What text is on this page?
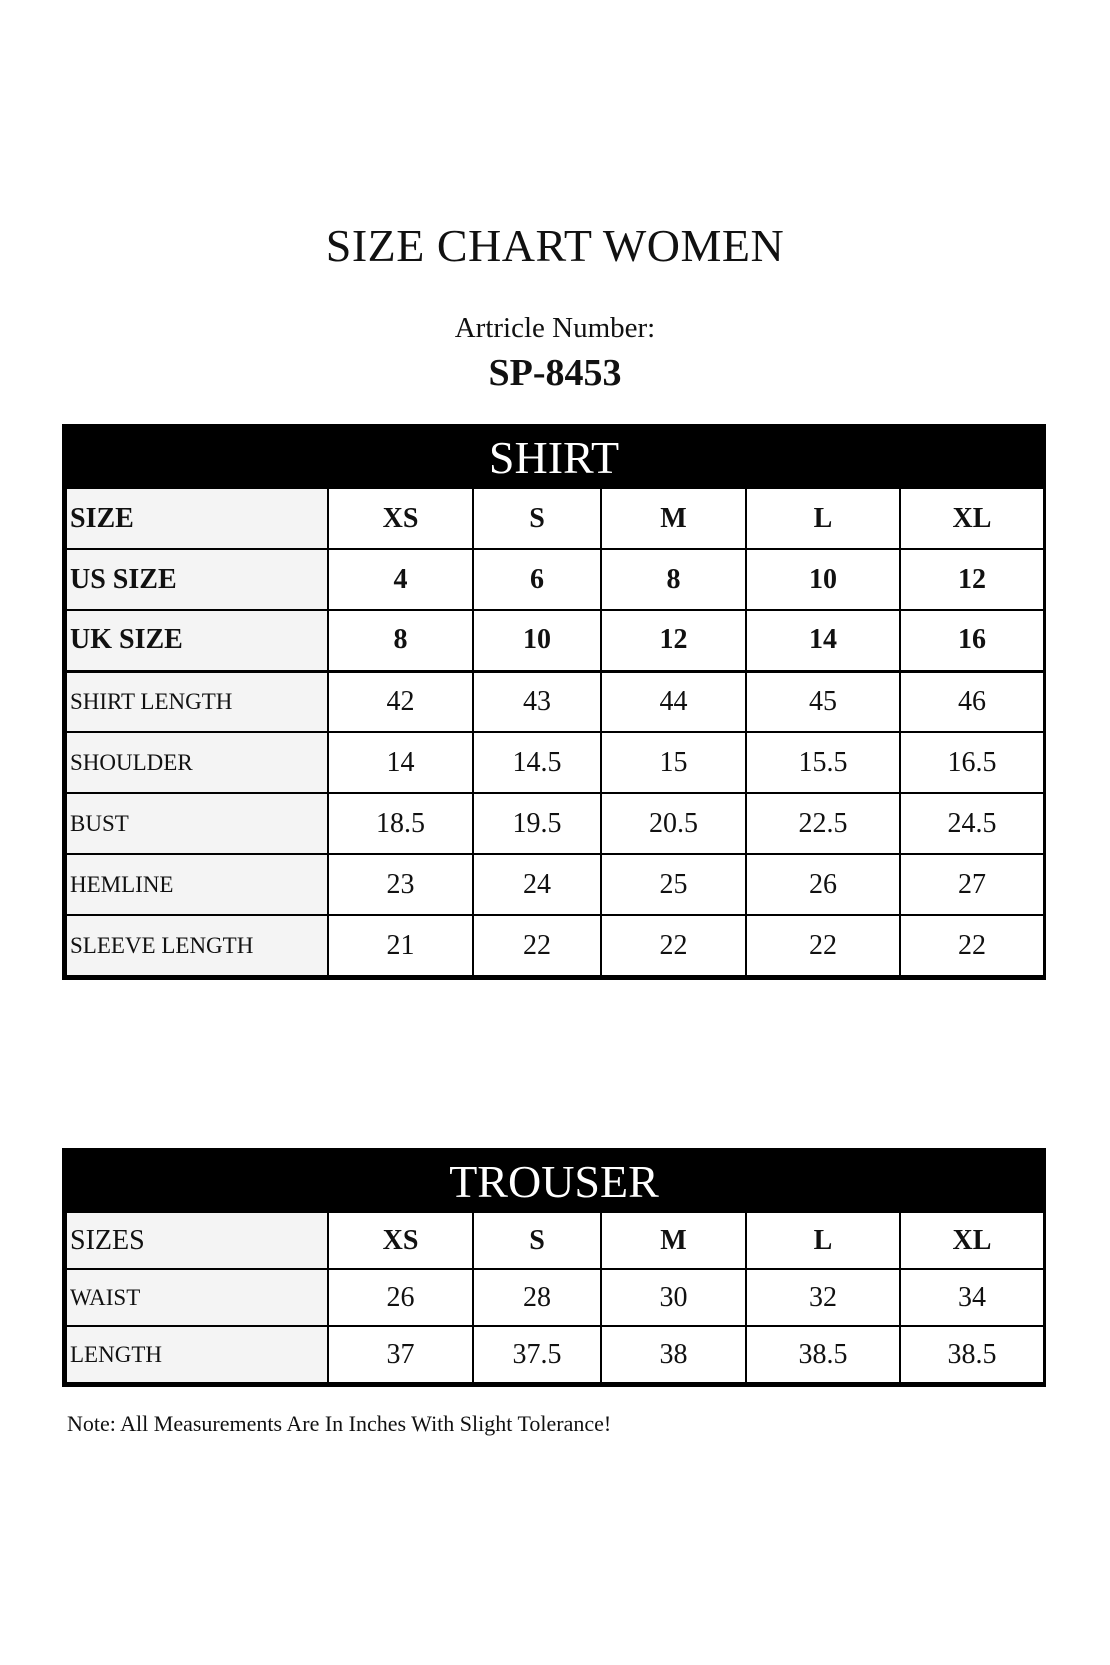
SIZE CHART WOMEN
Artricle Number:
SP-8453
SHIRT
SIZE	XS	S	M	L	XL
US SIZE	4	6	8	10	12
UK SIZE	8	10	12	14	16
SHIRT LENGTH	42	43	44	45	46
SHOULDER	14	14.5	15	15.5	16.5
BUST	18.5	19.5	20.5	22.5	24.5
HEMLINE	23	24	25	26	27
SLEEVE LENGTH	21	22	22	22	22
TROUSER
SIZES	XS	S	M	L	XL
WAIST	26	28	30	32	34
LENGTH	37	37.5	38	38.5	38.5
Note: All Measurements Are In Inches With Slight Tolerance!
